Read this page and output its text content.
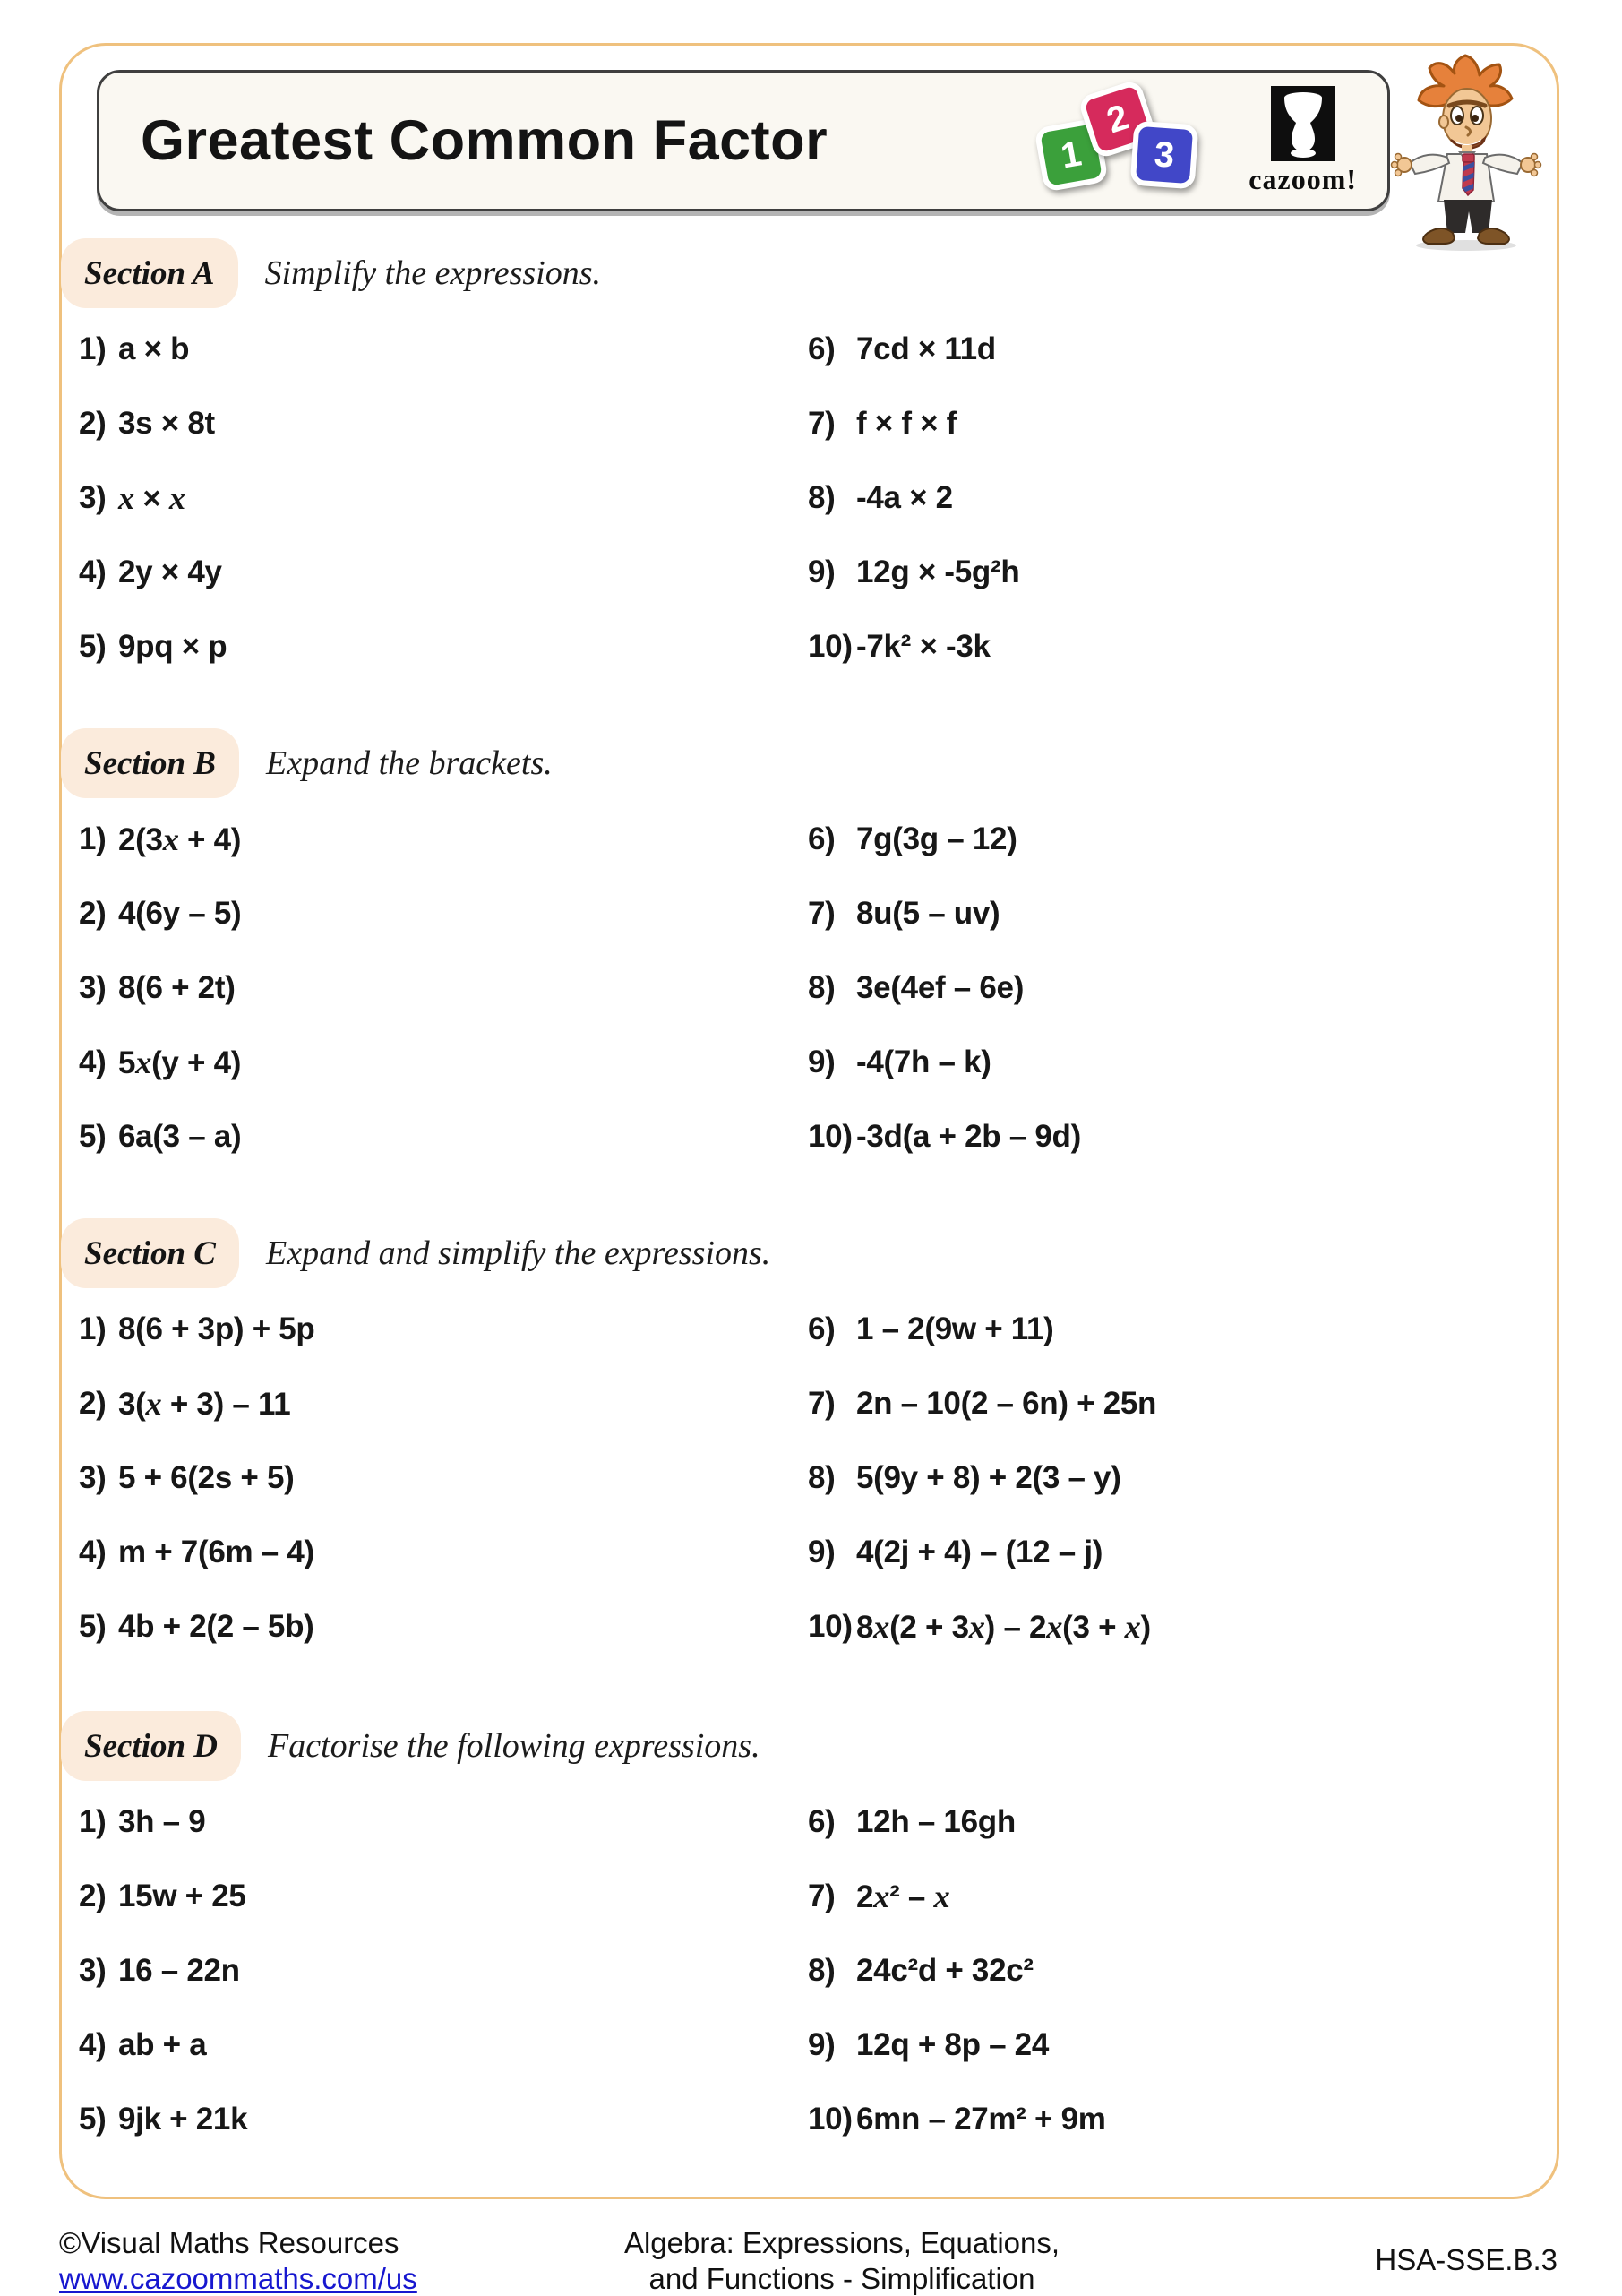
Greatest Common Factor	1
2
3
cazoom!
Section A	Simplify the expressions.
1) a × b
2) 3s × 8t
3) x × x
4) 2y × 4y
5) 9pq × p
6) 7cd × 11d
7) f × f × f
8) -4a × 2
9) 12g × -5g²h
10) -7k² × -3k
Section B	Expand the brackets.
1) 2(3x + 4)
2) 4(6y – 5)
3) 8(6 + 2t)
4) 5x(y + 4)
5) 6a(3 – a)
6) 7g(3g – 12)
7) 8u(5 – uv)
8) 3e(4ef – 6e)
9) -4(7h – k)
10) -3d(a + 2b – 9d)
Section C	Expand and simplify the expressions.
1) 8(6 + 3p) + 5p
2) 3(x + 3) – 11
3) 5 + 6(2s + 5)
4) m + 7(6m – 4)
5) 4b + 2(2 – 5b)
6) 1 – 2(9w + 11)
7) 2n – 10(2 – 6n) + 25n
8) 5(9y + 8) + 2(3 – y)
9) 4(2j + 4) – (12 – j)
10) 8x(2 + 3x) – 2x(3 + x)
Section D	Factorise the following expressions.
1) 3h – 9
2) 15w + 25
3) 16 – 22n
4) ab + a
5) 9jk + 21k
6) 12h – 16gh
7) 2x² – x
8) 24c²d + 32c²
9) 12q + 8p – 24
10) 6mn – 27m² + 9m
©Visual Maths Resources
www.cazoommaths.com/us
Algebra: Expressions, Equations,
and Functions - Simplification
HSA-SSE.B.3
